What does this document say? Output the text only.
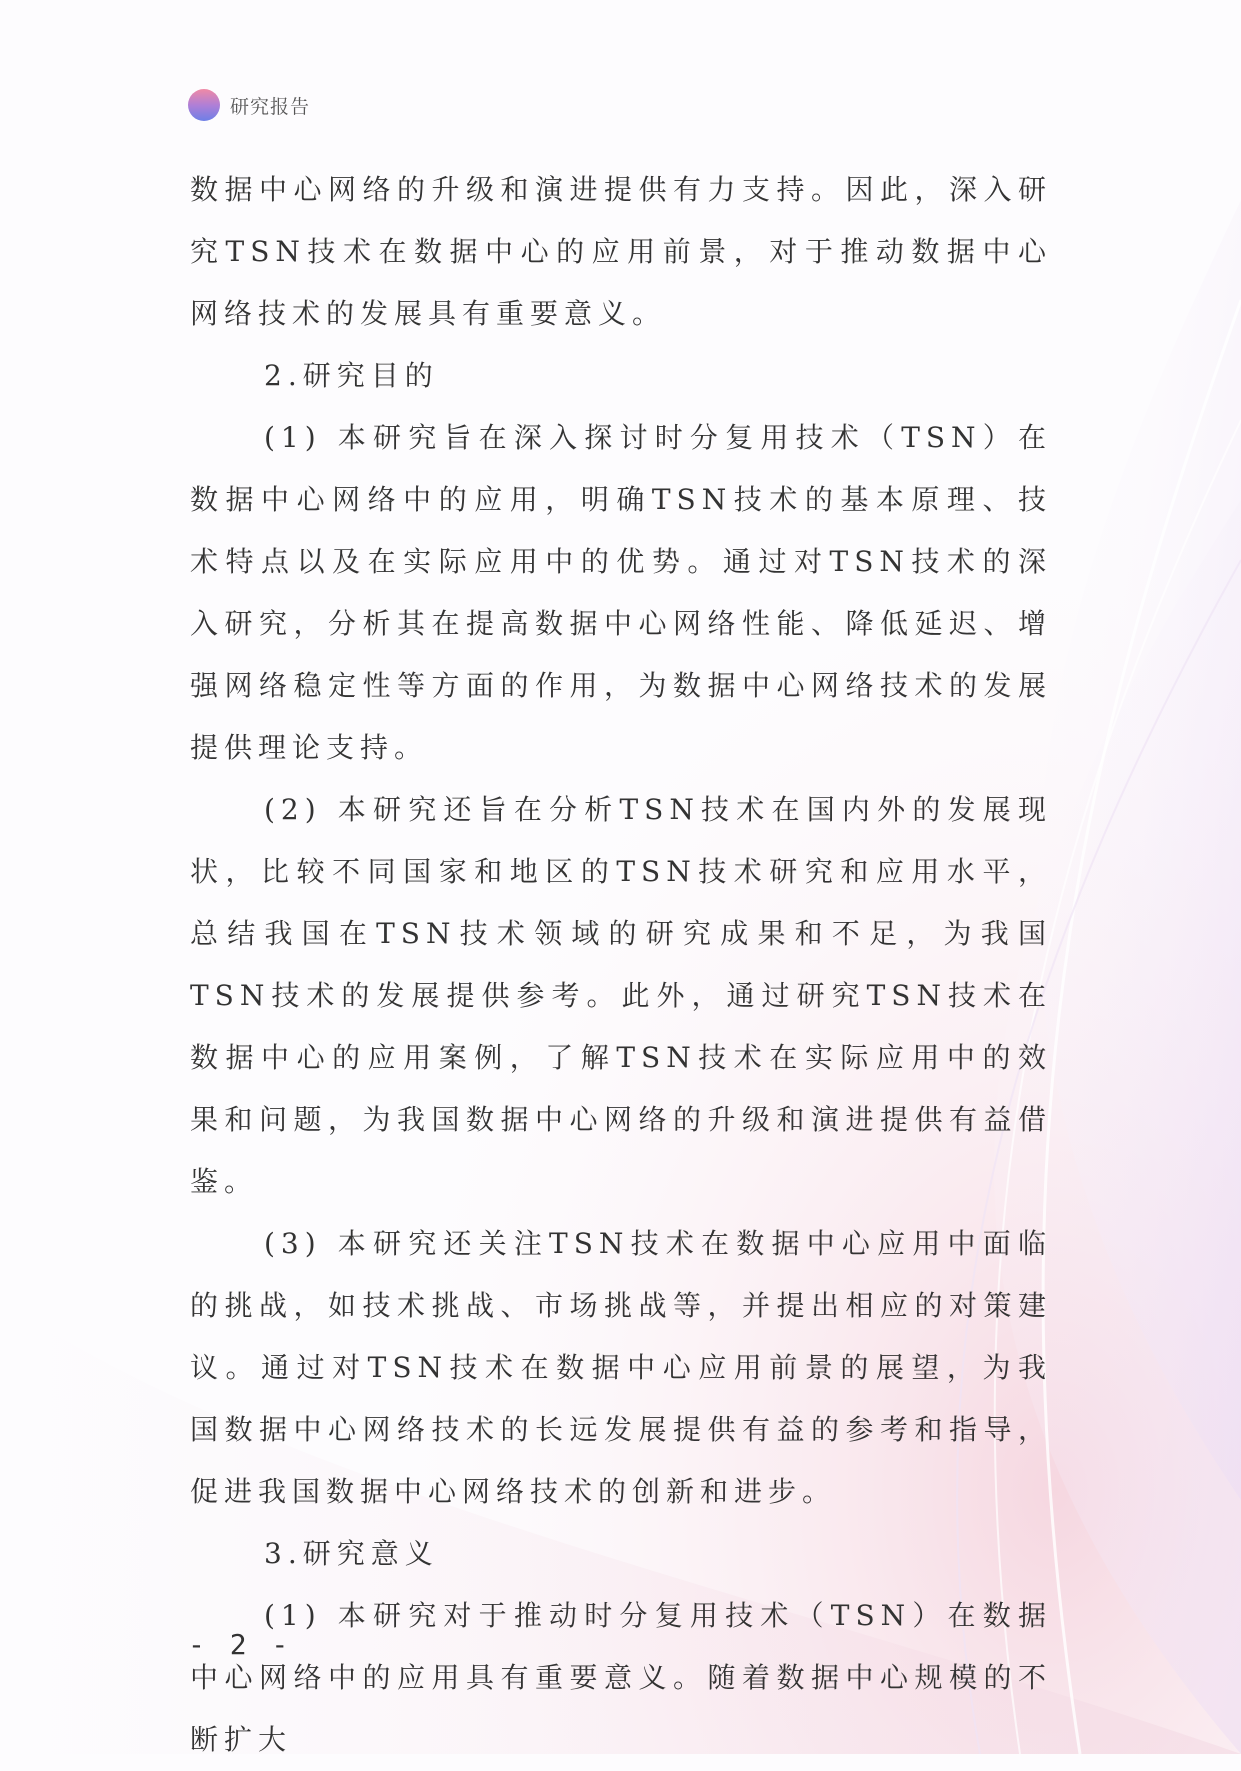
研究报告

数据中心网络的升级和演进提供有力支持。因此，深入研究TSN技术在数据中心的应用前景，对于推动数据中心网络技术的发展具有重要意义。

2.研究目的

(1) 本研究旨在深入探讨时分复用技术（TSN）在数据中心网络中的应用，明确TSN技术的基本原理、技术特点以及在实际应用中的优势。通过对TSN技术的深入研究，分析其在提高数据中心网络性能、降低延迟、增强网络稳定性等方面的作用，为数据中心网络技术的发展提供理论支持。

(2) 本研究还旨在分析TSN技术在国内外的发展现状，比较不同国家和地区的TSN技术研究和应用水平，总结我国在TSN技术领域的研究成果和不足，为我国TSN技术的发展提供参考。此外，通过研究TSN技术在数据中心的应用案例，了解TSN技术在实际应用中的效果和问题，为我国数据中心网络的升级和演进提供有益借鉴。

(3) 本研究还关注TSN技术在数据中心应用中面临的挑战，如技术挑战、市场挑战等，并提出相应的对策建议。通过对TSN技术在数据中心应用前景的展望，为我国数据中心网络技术的长远发展提供有益的参考和指导，促进我国数据中心网络技术的创新和进步。

3.研究意义

(1) 本研究对于推动时分复用技术（TSN）在数据中心网络中的应用具有重要意义。随着数据中心规模的不断扩大

- 2 -
